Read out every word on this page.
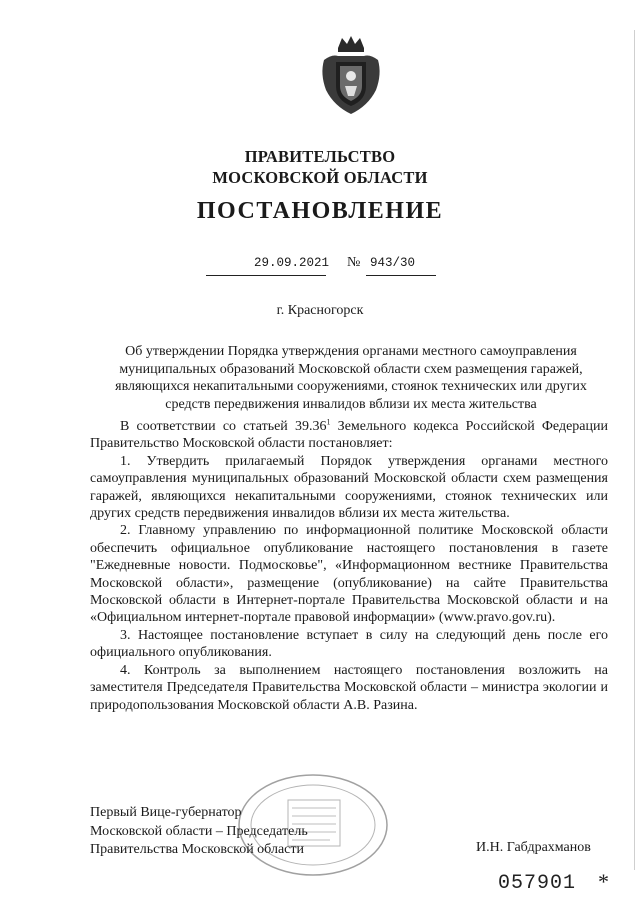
ПРАВИТЕЛЬСТВО
МОСКОВСКОЙ ОБЛАСТИ
ПОСТАНОВЛЕНИЕ
29.09.2021 № 943/30
г. Красногорск
Об утверждении Порядка утверждения органами местного самоуправления муниципальных образований Московской области схем размещения гаражей, являющихся некапитальными сооружениями, стоянок технических или других средств передвижения инвалидов вблизи их места жительства

В соответствии со статьей 39.36$^1$ Земельного кодекса Российской Федерации Правительство Московской области постановляет:

1. Утвердить прилагаемый Порядок утверждения органами местного самоуправления муниципальных образований Московской области схем размещения гаражей, являющихся некапитальными сооружениями, стоянок технических или других средств передвижения инвалидов вблизи их места жительства.

2. Главному управлению по информационной политике Московской области обеспечить официальное опубликование настоящего постановления в газете "Ежедневные новости. Подмосковье", «Информационном вестнике Правительства Московской области», размещение (опубликование) на сайте Правительства Московской области в Интернет-портале Правительства Московской области и на «Официальном интернет-портале правовой информации» (www.pravo.gov.ru).

3. Настоящее постановление вступает в силу на следующий день после его официального опубликования.

4. Контроль за выполнением настоящего постановления возложить на заместителя Председателя Правительства Московской области – министра экологии и природопользования Московской области А.В. Разина.

Первый Вице-губернатор
Московской области – Председатель
Правительства Московской области	И.Н. Габдрахманов
057901 *
